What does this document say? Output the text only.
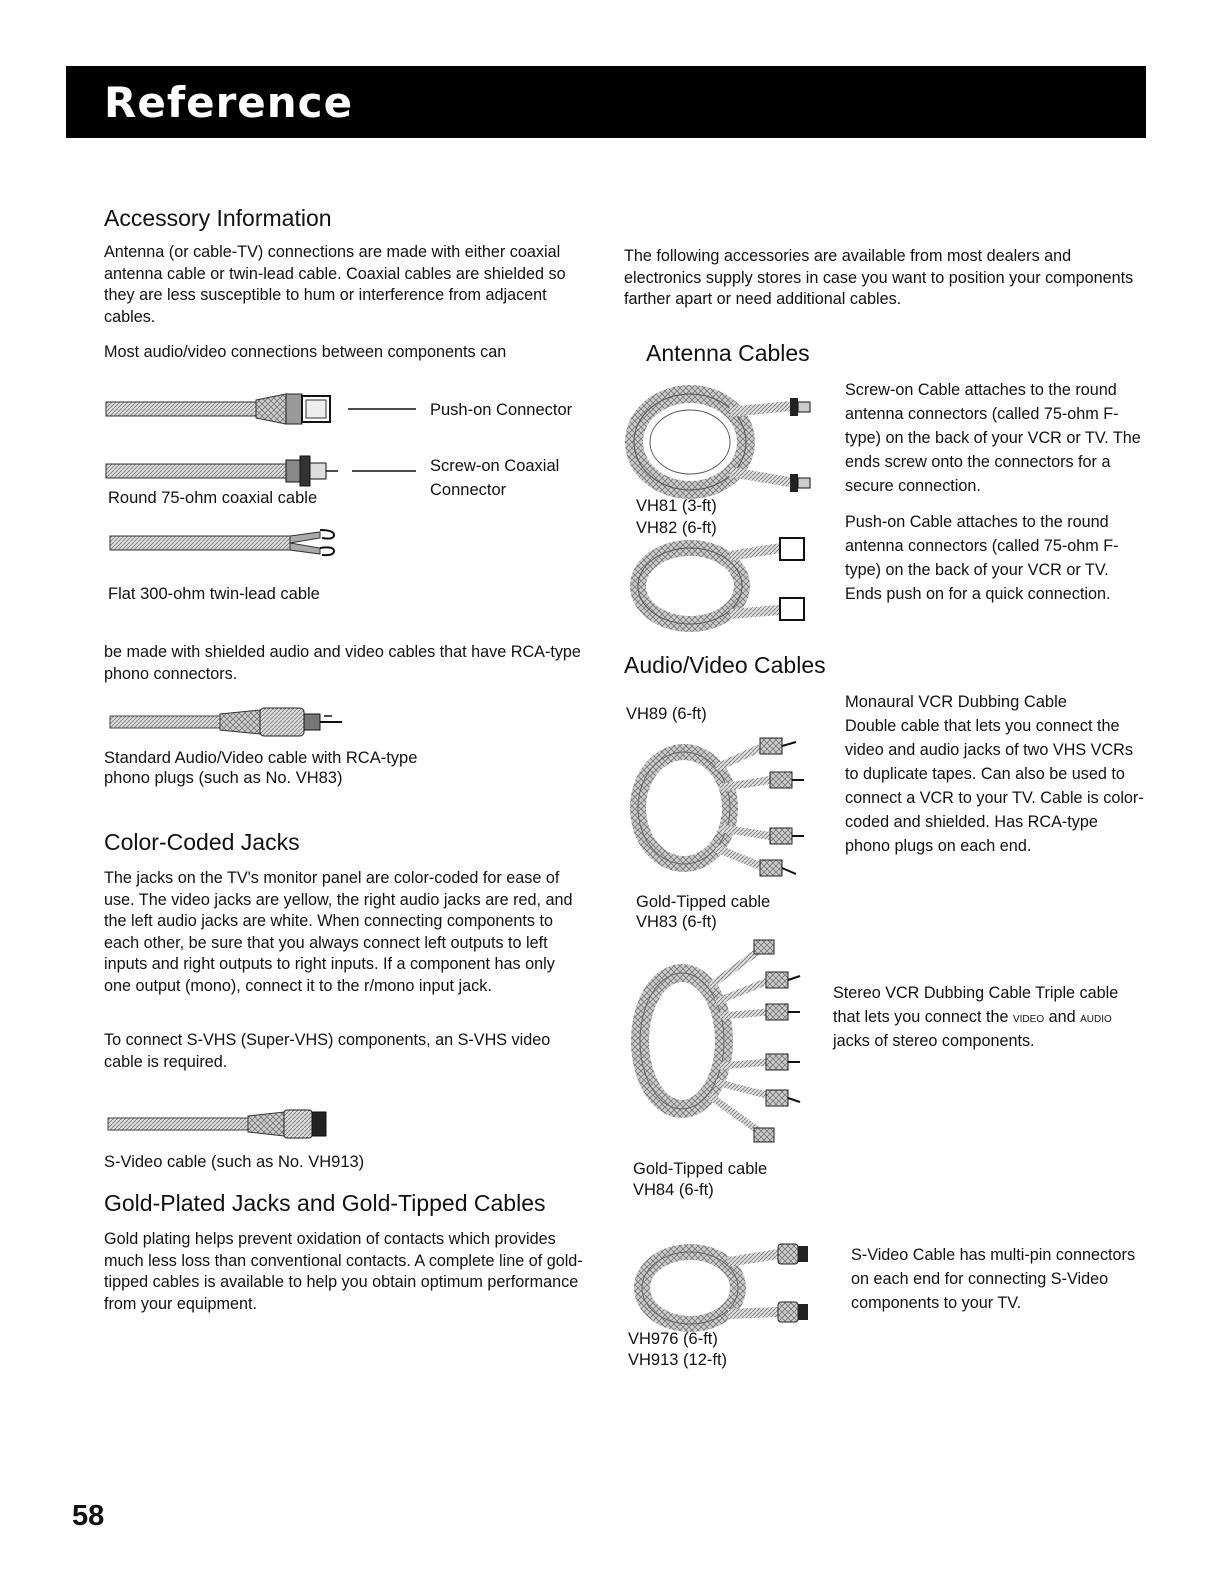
Reference
Accessory Information

Antenna (or cable-TV) connections are made with either coaxial antenna cable or twin-lead cable. Coaxial cables are shielded so they are less susceptible to hum or interference from adjacent cables.

Most audio/video connections between components can

Push-on Connector
Screw-on Coaxial
Connector
Round 75-ohm coaxial cable
Flat 300-ohm twin-lead cable

be made with shielded audio and video cables that have RCA-type phono connectors.

Standard Audio/Video cable with RCA-type
phono plugs (such as No. VH83)
Color-Coded Jacks

The jacks on the TV's monitor panel are color-coded for ease of use. The video jacks are yellow, the right audio jacks are red, and the left audio jacks are white. When connecting components to each other, be sure that you always connect left outputs to left inputs and right outputs to right inputs. If a component has only one output (mono), connect it to the r/mono input jack.

To connect S-VHS (Super-VHS) components, an S-VHS video cable is required.

S-Video cable (such as No. VH913)
Gold-Plated Jacks and Gold-Tipped Cables

Gold plating helps prevent oxidation of contacts which provides much less loss than conventional contacts. A complete line of gold-tipped cables is available to help you obtain optimum performance from your equipment.

The following accessories are available from most dealers and electronics supply stores in case you want to position your components farther apart or need additional cables.

Antenna Cables
VH81 (3-ft)
VH82 (6-ft)

Screw-on Cable attaches to the round antenna connectors (called 75-ohm F-type) on the back of your VCR or TV. The ends screw onto the connectors for a secure connection.

Push-on Cable attaches to the round antenna connectors (called 75-ohm F-type) on the back of your VCR or TV. Ends push on for a quick connection.

Audio/Video Cables
VH89 (6-ft)
Monaural VCR Dubbing Cable

Double cable that lets you connect the video and audio jacks of two VHS VCRs to duplicate tapes. Can also be used to connect a VCR to your TV. Cable is color-coded and shielded. Has RCA-type phono plugs on each end.

Gold-Tipped cable
VH83 (6-ft)

Stereo VCR Dubbing Cable Triple cable that lets you connect the video and audio jacks of stereo components.

Gold-Tipped cable
VH84 (6-ft)
VH976 (6-ft)
VH913 (12-ft)

S-Video Cable has multi-pin connectors on each end for connecting S-Video components to your TV.

58
